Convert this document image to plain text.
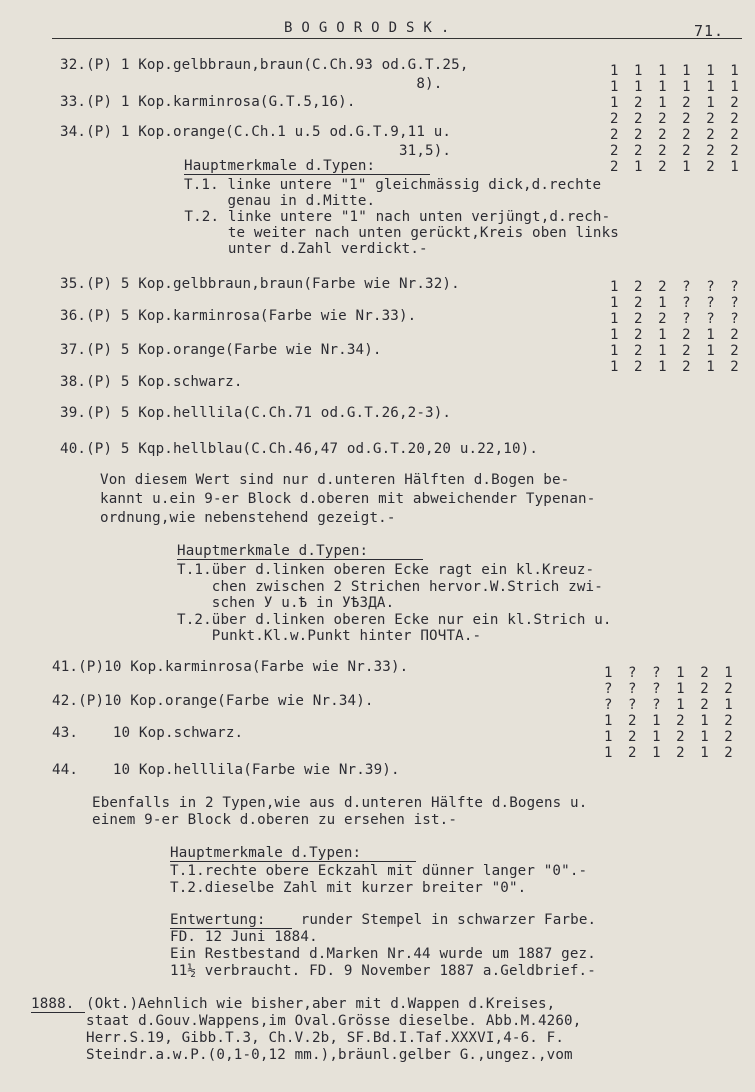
BOGORODSK.	71.
32.(P) 1 Kop.gelbbraun,braun(C.Ch.93 od.G.T.25,
8).
33.(P) 1 Kop.karminrosa(G.T.5,16).
34.(P) 1 Kop.orange(C.Ch.1 u.5 od.G.T.9,11 u.
31,5).
1 1 1 1 1 1
1 1 1 1 1 1
1 2 1 2 1 2
2 2 2 2 2 2
2 2 2 2 2 2
2 2 2 2 2 2
2 1 2 1 2 1
Hauptmerkmale d.Typen:
T.1. linke untere "1" gleichmässig dick,d.rechte
genau in d.Mitte.
T.2. linke untere "1" nach unten verjüngt,d.rech-
te weiter nach unten gerückt,Kreis oben links
unter d.Zahl verdickt.-
35.(P) 5 Kop.gelbbraun,braun(Farbe wie Nr.32).
36.(P) 5 Kop.karminrosa(Farbe wie Nr.33).
37.(P) 5 Kop.orange(Farbe wie Nr.34).
38.(P) 5 Kop.schwarz.
39.(P) 5 Kop.helllila(C.Ch.71 od.G.T.26,2-3).
40.(P) 5 Kqp.hellblau(C.Ch.46,47 od.G.T.20,20 u.22,10).
1 2 2 ? ? ?
1 2 1 ? ? ?
1 2 2 ? ? ?
1 2 1 2 1 2
1 2 1 2 1 2
1 2 1 2 1 2
Von diesem Wert sind nur d.unteren Hälften d.Bogen be-
kannt u.ein 9-er Block d.oberen mit abweichender Typenan-
ordnung,wie nebenstehend gezeigt.-
Hauptmerkmale d.Typen:
T.1.über d.linken oberen Ecke ragt ein kl.Kreuz-
chen zwischen 2 Strichen hervor.W.Strich zwi-
schen У u.Ѣ in УѢЗДА.
T.2.über d.linken oberen Ecke nur ein kl.Strich u.
Punkt.Kl.w.Punkt hinter ПОЧТА.-
41.(P)10 Kop.karminrosa(Farbe wie Nr.33).
42.(P)10 Kop.orange(Farbe wie Nr.34).
43.    10 Kop.schwarz.
44.    10 Kop.helllila(Farbe wie Nr.39).
1 ? ? 1 2 1
? ? ? 1 2 2
? ? ? 1 2 1
1 2 1 2 1 2
1 2 1 2 1 2
1 2 1 2 1 2
Ebenfalls in 2 Typen,wie aus d.unteren Hälfte d.Bogens u.
einem 9-er Block d.oberen zu ersehen ist.-
Hauptmerkmale d.Typen:
T.1.rechte obere Eckzahl mit dünner langer "0".-
T.2.dieselbe Zahl mit kurzer breiter "0".
Entwertung: runder Stempel in schwarzer Farbe.
FD. 12 Juni 1884.
Ein Restbestand d.Marken Nr.44 wurde um 1887 gez.
11½ verbraucht. FD. 9 November 1887 a.Geldbrief.-
1888. (Okt.)Aehnlich wie bisher,aber mit d.Wappen d.Kreises,
staat d.Gouv.Wappens,im Oval.Grösse dieselbe. Abb.M.4260,
Herr.S.19, Gibb.T.3, Ch.V.2b, SF.Bd.I.Taf.XXXVI,4-6. F.
Steindr.a.w.P.(0,1-0,12 mm.),bräunl.gelber G.,ungez.,vom
